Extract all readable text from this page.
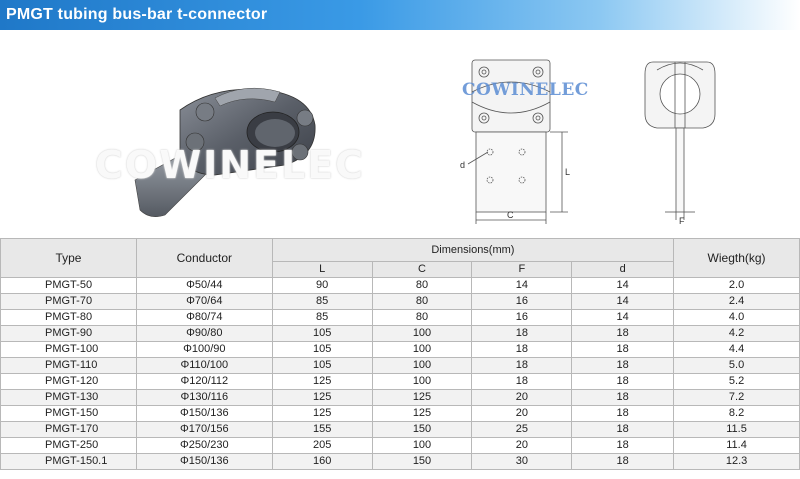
PMGT tubing bus-bar t-connector
COWINELEC	d
L
C
COWINELEC
F
Type	Conductor	Dimensions(mm)				Wiegth(kg)
		L	C	F	d	
PMGT-50	Φ50/44	90	80	14	14	2.0
PMGT-70	Φ70/64	85	80	16	14	2.4
PMGT-80	Φ80/74	85	80	16	14	4.0
PMGT-90	Φ90/80	105	100	18	18	4.2
PMGT-100	Φ100/90	105	100	18	18	4.4
PMGT-110	Φ110/100	105	100	18	18	5.0
PMGT-120	Φ120/112	125	100	18	18	5.2
PMGT-130	Φ130/116	125	125	20	18	7.2
PMGT-150	Φ150/136	125	125	20	18	8.2
PMGT-170	Φ170/156	155	150	25	18	11.5
PMGT-250	Φ250/230	205	100	20	18	11.4
PMGT-150.1	Φ150/136	160	150	30	18	12.3
